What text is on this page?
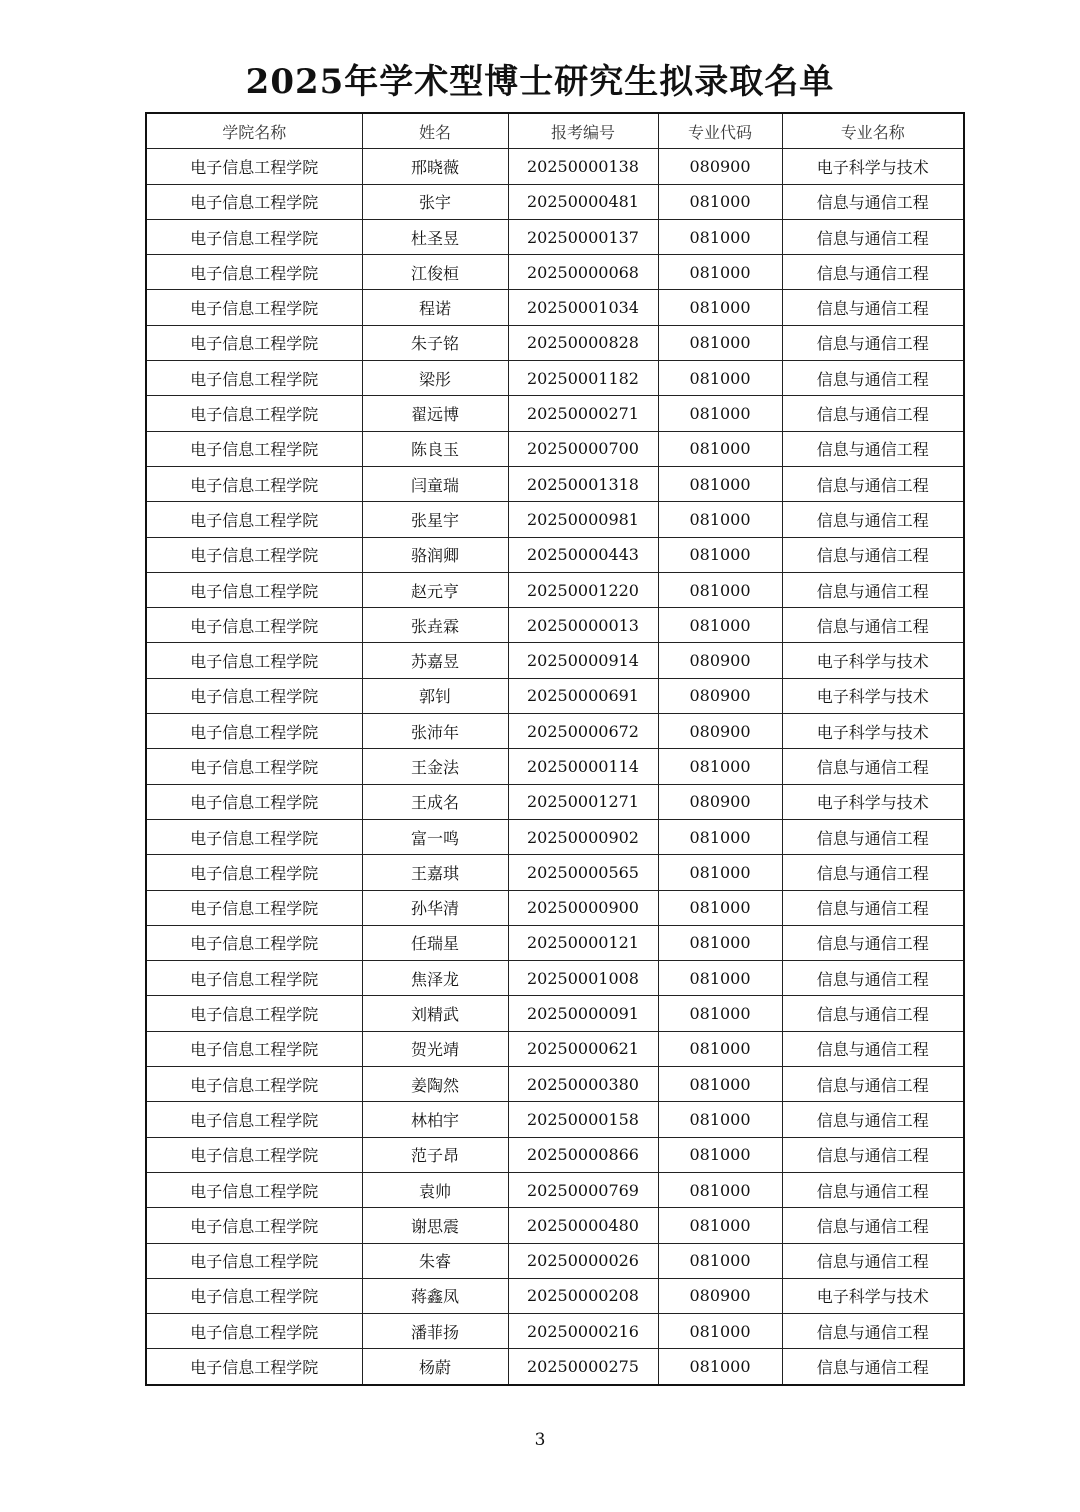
2025年学术型博士研究生拟录取名单
学院名称	姓名	报考编号	专业代码	专业名称
电子信息工程学院	邢晓薇	20250000138	080900	电子科学与技术
电子信息工程学院	张宇	20250000481	081000	信息与通信工程
电子信息工程学院	杜圣昱	20250000137	081000	信息与通信工程
电子信息工程学院	江俊桓	20250000068	081000	信息与通信工程
电子信息工程学院	程诺	20250001034	081000	信息与通信工程
电子信息工程学院	朱子铭	20250000828	081000	信息与通信工程
电子信息工程学院	梁彤	20250001182	081000	信息与通信工程
电子信息工程学院	翟远博	20250000271	081000	信息与通信工程
电子信息工程学院	陈良玉	20250000700	081000	信息与通信工程
电子信息工程学院	闫童瑞	20250001318	081000	信息与通信工程
电子信息工程学院	张星宇	20250000981	081000	信息与通信工程
电子信息工程学院	骆润卿	20250000443	081000	信息与通信工程
电子信息工程学院	赵元亨	20250001220	081000	信息与通信工程
电子信息工程学院	张垚霖	20250000013	081000	信息与通信工程
电子信息工程学院	苏嘉昱	20250000914	080900	电子科学与技术
电子信息工程学院	郭钊	20250000691	080900	电子科学与技术
电子信息工程学院	张沛年	20250000672	080900	电子科学与技术
电子信息工程学院	王金法	20250000114	081000	信息与通信工程
电子信息工程学院	王成名	20250001271	080900	电子科学与技术
电子信息工程学院	富一鸣	20250000902	081000	信息与通信工程
电子信息工程学院	王嘉琪	20250000565	081000	信息与通信工程
电子信息工程学院	孙华清	20250000900	081000	信息与通信工程
电子信息工程学院	任瑞星	20250000121	081000	信息与通信工程
电子信息工程学院	焦泽龙	20250001008	081000	信息与通信工程
电子信息工程学院	刘精武	20250000091	081000	信息与通信工程
电子信息工程学院	贺光靖	20250000621	081000	信息与通信工程
电子信息工程学院	姜陶然	20250000380	081000	信息与通信工程
电子信息工程学院	林柏宇	20250000158	081000	信息与通信工程
电子信息工程学院	范子昂	20250000866	081000	信息与通信工程
电子信息工程学院	袁帅	20250000769	081000	信息与通信工程
电子信息工程学院	谢思震	20250000480	081000	信息与通信工程
电子信息工程学院	朱睿	20250000026	081000	信息与通信工程
电子信息工程学院	蒋鑫凤	20250000208	080900	电子科学与技术
电子信息工程学院	潘菲扬	20250000216	081000	信息与通信工程
电子信息工程学院	杨蔚	20250000275	081000	信息与通信工程
3
